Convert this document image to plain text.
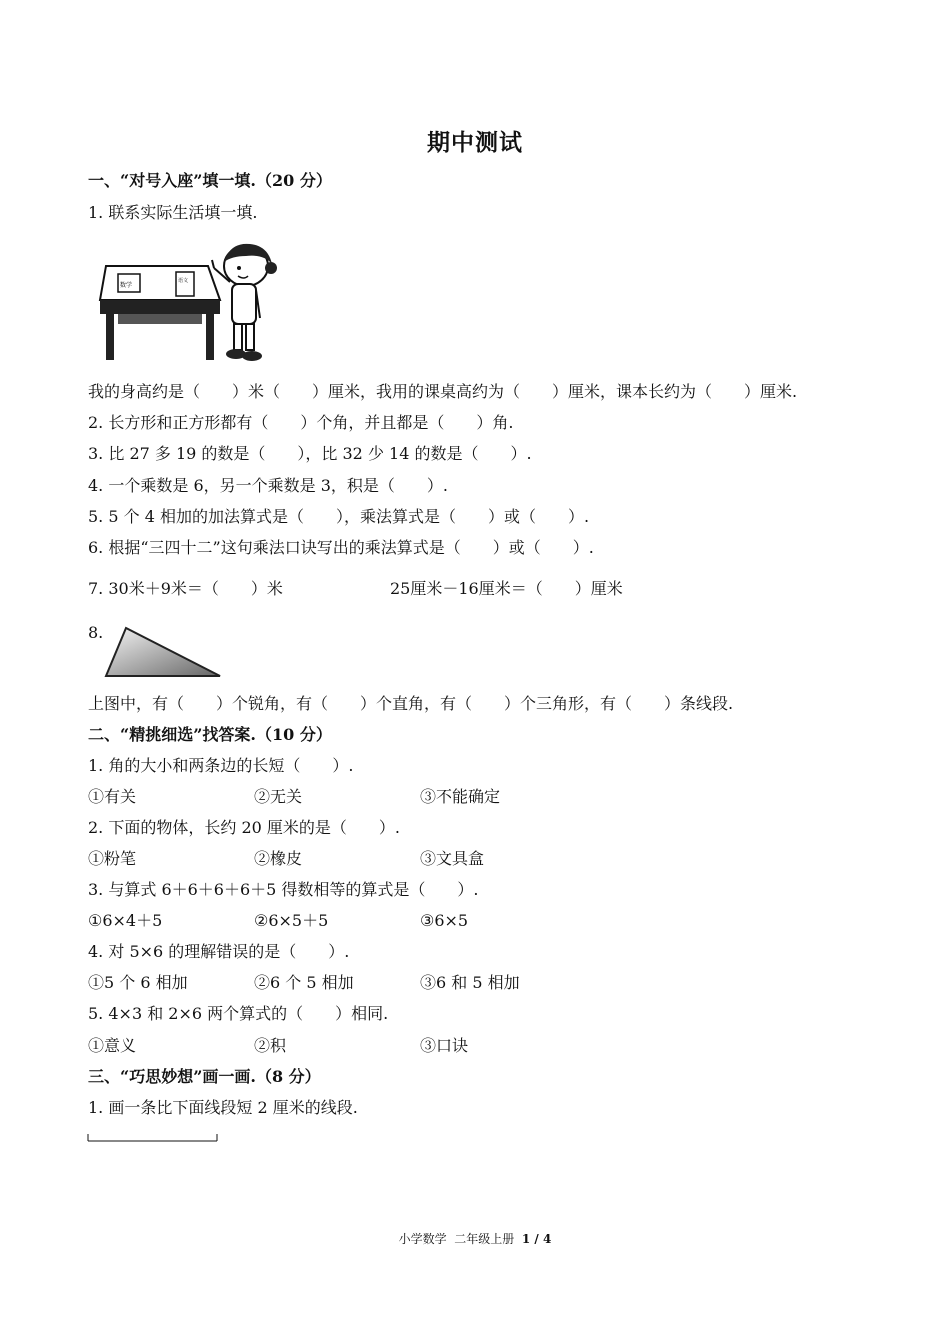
期中测试
一、“对号入座”填一填.（20 分）
1. 联系实际生活填一填.
数学
语文
我的身高约是（　　）米（　　）厘米，我用的课桌高约为（　　）厘米，课本长约为（　　）厘米.
2. 长方形和正方形都有（　　）个角，并且都是（　　）角.
3. 比 27 多 19 的数是（　　），比 32 少 14 的数是（　　）.
4. 一个乘数是 6，另一个乘数是 3，积是（　　）.
5. 5 个 4 相加的加法算式是（　　），乘法算式是（　　）或（　　）.
6. 根据“三四十二”这句乘法口诀写出的乘法算式是（　　）或（　　）.
7. 30米＋9米＝（　　）米	25厘米－16厘米＝（　　）厘米
8.
上图中，有（　　）个锐角，有（　　）个直角，有（　　）个三角形，有（　　）条线段.
二、“精挑细选”找答案.（10 分）
1. 角的大小和两条边的长短（　　）.
①有关	②无关	③不能确定
2. 下面的物体，长约 20 厘米的是（　　）.
①粉笔	②橡皮	③文具盒
3. 与算式 6＋6＋6＋6＋5 得数相等的算式是（　　）.
①6×4＋5	②6×5＋5	③6×5
4. 对 5×6 的理解错误的是（　　）.
①5 个 6 相加	②6 个 5 相加	③6 和 5 相加
5. 4×3 和 2×6 两个算式的（　　）相同.
①意义	②积	③口诀
三、“巧思妙想”画一画.（8 分）
1. 画一条比下面线段短 2 厘米的线段.
小学数学  二年级上册  1 / 4
